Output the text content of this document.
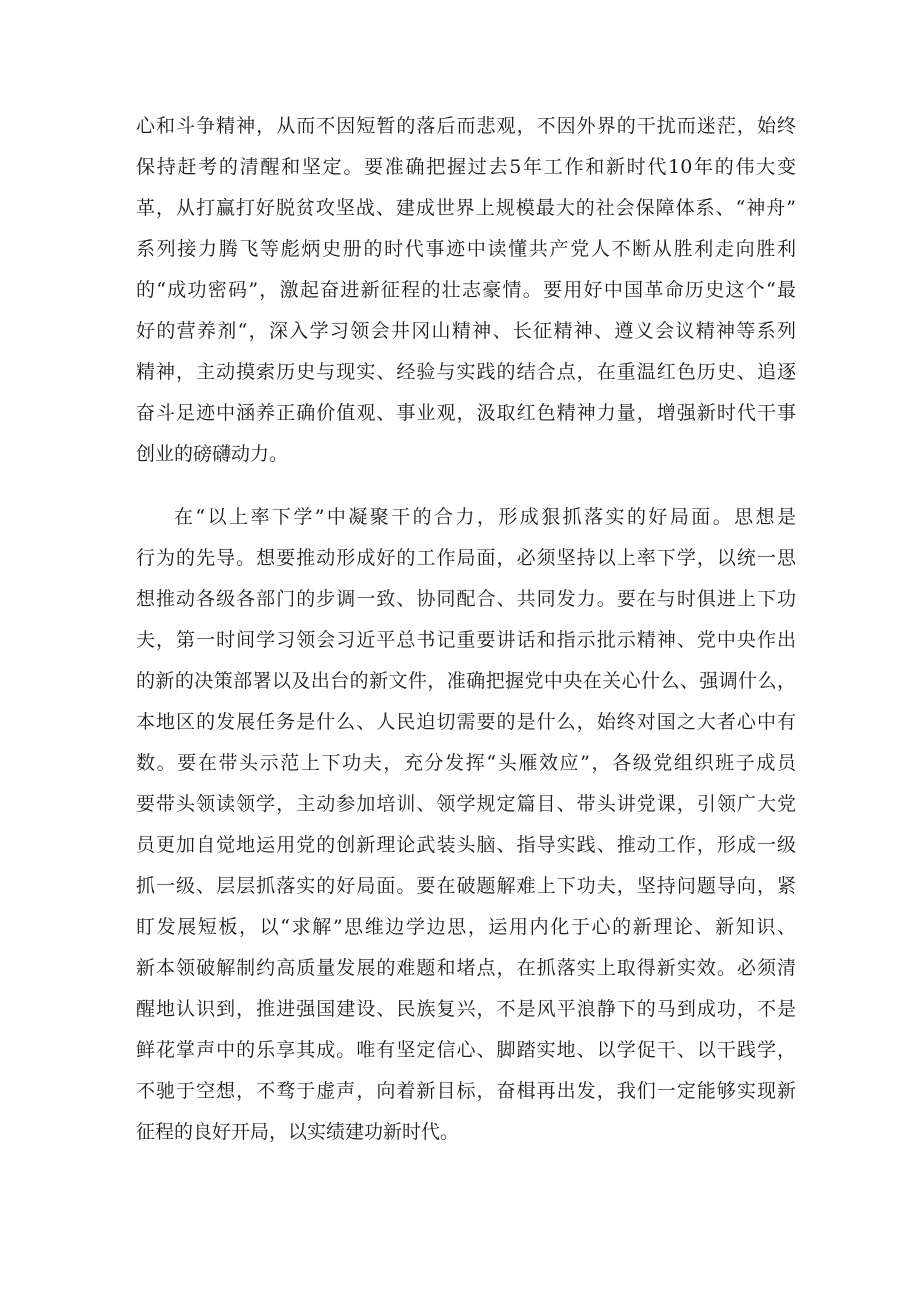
心和斗争精神，从而不因短暂的落后而悲观，不因外界的干扰而迷茫，始终
保持赶考的清醒和坚定。要准确把握过去5年工作和新时代10年的伟大变
革，从打赢打好脱贫攻坚战、建成世界上规模最大的社会保障体系、“神舟”
系列接力腾飞等彪炳史册的时代事迹中读懂共产党人不断从胜利走向胜利
的“成功密码”，激起奋进新征程的壮志豪情。要用好中国革命历史这个“最
好的营养剂“，深入学习领会井冈山精神、长征精神、遵义会议精神等系列
精神，主动摸索历史与现实、经验与实践的结合点，在重温红色历史、追逐
奋斗足迹中涵养正确价值观、事业观，汲取红色精神力量，增强新时代干事
创业的磅礴动力。
在“以上率下学”中凝聚干的合力，形成狠抓落实的好局面。思想是
行为的先导。想要推动形成好的工作局面，必须坚持以上率下学，以统一思
想推动各级各部门的步调一致、协同配合、共同发力。要在与时俱进上下功
夫，第一时间学习领会习近平总书记重要讲话和指示批示精神、党中央作出
的新的决策部署以及出台的新文件，准确把握党中央在关心什么、强调什么，
本地区的发展任务是什么、人民迫切需要的是什么，始终对国之大者心中有
数。要在带头示范上下功夫，充分发挥“头雁效应”，各级党组织班子成员
要带头领读领学，主动参加培训、领学规定篇目、带头讲党课，引领广大党
员更加自觉地运用党的创新理论武装头脑、指导实践、推动工作，形成一级
抓一级、层层抓落实的好局面。要在破题解难上下功夫，坚持问题导向，紧
盯发展短板，以“求解”思维边学边思，运用内化于心的新理论、新知识、
新本领破解制约高质量发展的难题和堵点，在抓落实上取得新实效。必须清
醒地认识到，推进强国建设、民族复兴，不是风平浪静下的马到成功，不是
鲜花掌声中的乐享其成。唯有坚定信心、脚踏实地、以学促干、以干践学，
不驰于空想，不骛于虚声，向着新目标，奋楫再出发，我们一定能够实现新
征程的良好开局，以实绩建功新时代。
